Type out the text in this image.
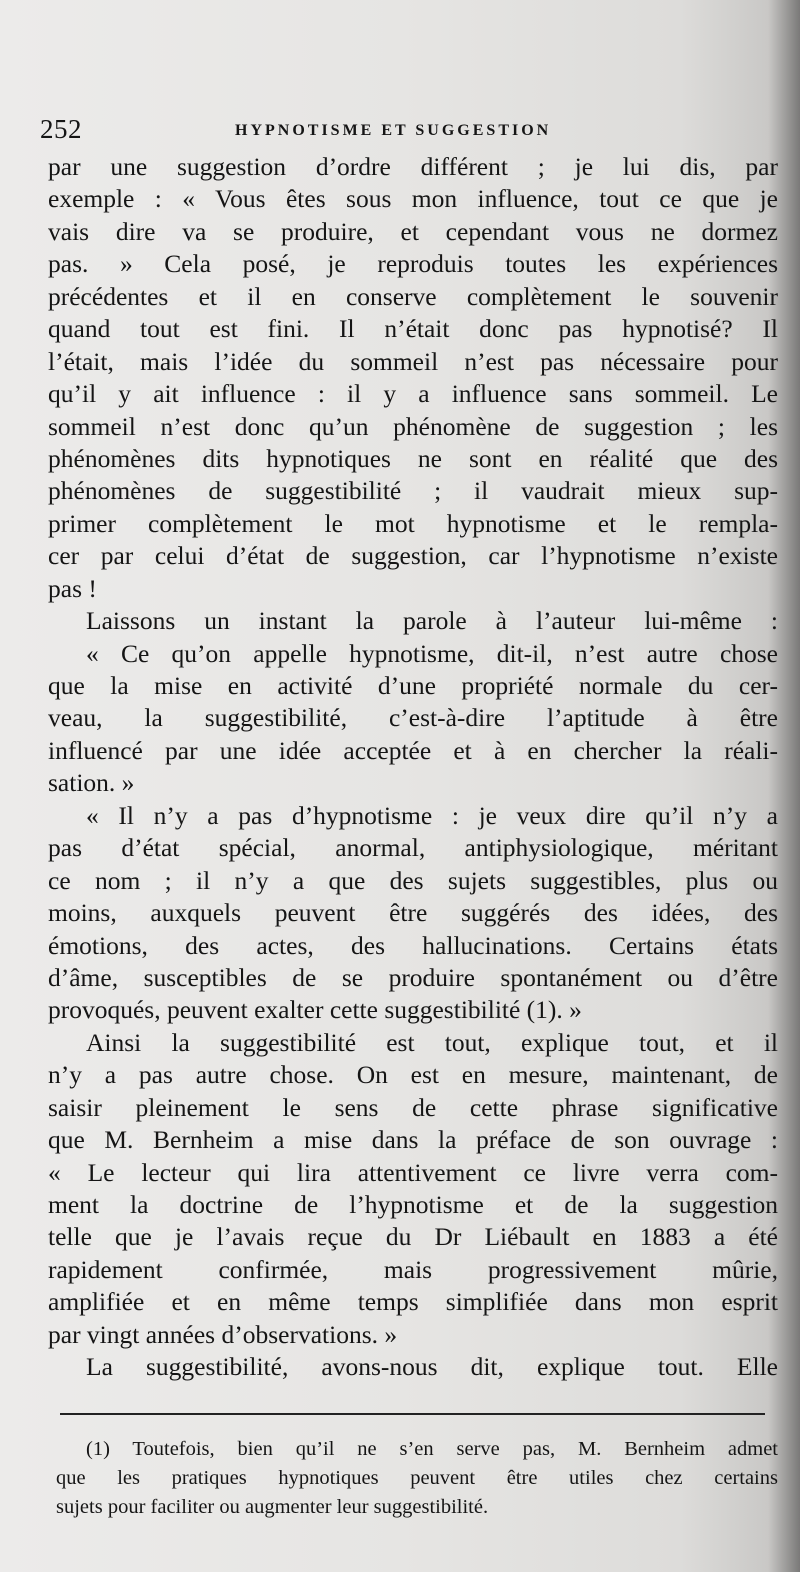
252	HYPNOTISME ET SUGGESTION
par une suggestion d’ordre différent ; je lui dis, par
exemple : « Vous êtes sous mon influence, tout ce que je
vais dire va se produire, et cependant vous ne dormez
pas. » Cela posé, je reproduis toutes les expériences
précédentes et il en conserve complètement le souvenir
quand tout est fini. Il n’était donc pas hypnotisé? Il
l’était, mais l’idée du sommeil n’est pas nécessaire pour
qu’il y ait influence : il y a influence sans sommeil. Le
sommeil n’est donc qu’un phénomène de suggestion ; les
phénomènes dits hypnotiques ne sont en réalité que des
phénomènes de suggestibilité ; il vaudrait mieux sup-
primer complètement le mot hypnotisme et le rempla-
cer par celui d’état de suggestion, car l’hypnotisme n’existe
pas !
Laissons un instant la parole à l’auteur lui-même :
« Ce qu’on appelle hypnotisme, dit-il, n’est autre chose
que la mise en activité d’une propriété normale du cer-
veau, la suggestibilité, c’est-à-dire l’aptitude à être
influencé par une idée acceptée et à en chercher la réali-
sation. »
« Il n’y a pas d’hypnotisme : je veux dire qu’il n’y a
pas d’état spécial, anormal, antiphysiologique, méritant
ce nom ; il n’y a que des sujets suggestibles, plus ou
moins, auxquels peuvent être suggérés des idées, des
émotions, des actes, des hallucinations. Certains états
d’âme, susceptibles de se produire spontanément ou d’être
provoqués, peuvent exalter cette suggestibilité (1). »
Ainsi la suggestibilité est tout, explique tout, et il
n’y a pas autre chose. On est en mesure, maintenant, de
saisir pleinement le sens de cette phrase significative
que M. Bernheim a mise dans la préface de son ouvrage :
« Le lecteur qui lira attentivement ce livre verra com-
ment la doctrine de l’hypnotisme et de la suggestion
telle que je l’avais reçue du Dr Liébault en 1883 a été
rapidement confirmée, mais progressivement mûrie,
amplifiée et en même temps simplifiée dans mon esprit
par vingt années d’observations. »
La suggestibilité, avons-nous dit, explique tout. Elle
(1) Toutefois, bien qu’il ne s’en serve pas, M. Bernheim admet
que les pratiques hypnotiques peuvent être utiles chez certains
sujets pour faciliter ou augmenter leur suggestibilité.
